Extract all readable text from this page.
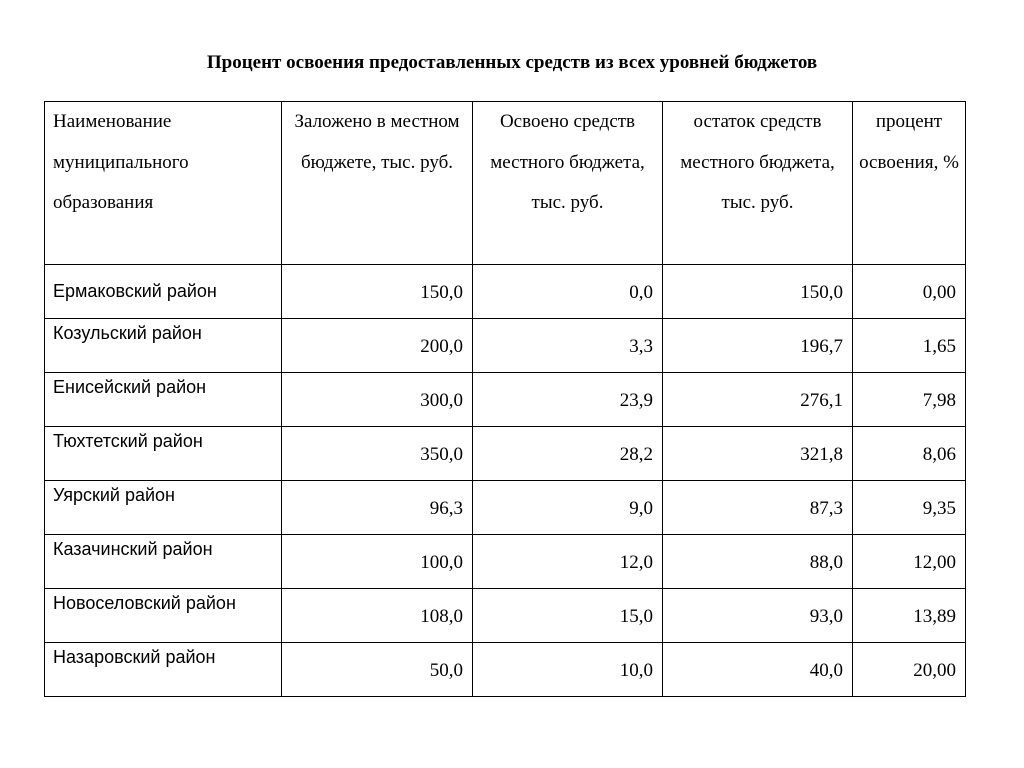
Процент освоения предоставленных средств из всех уровней бюджетов
Наименование муниципального образования	Заложено в местном бюджете, тыс. руб.	Освоено средств местного бюджета, тыс. руб.	остаток средств местного бюджета, тыс. руб.	процент освоения, %
Ермаковский район	150,0	0,0	150,0	0,00
Козульский район	200,0	3,3	196,7	1,65
Енисейский район	300,0	23,9	276,1	7,98
Тюхтетский район	350,0	28,2	321,8	8,06
Уярский район	96,3	9,0	87,3	9,35
Казачинский район	100,0	12,0	88,0	12,00
Новоселовский район	108,0	15,0	93,0	13,89
Назаровский район	50,0	10,0	40,0	20,00
